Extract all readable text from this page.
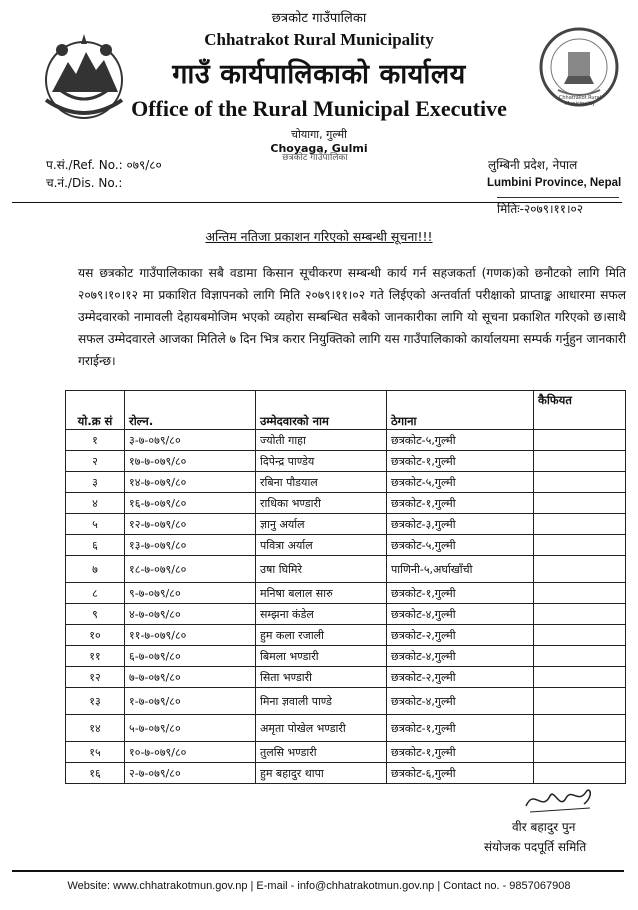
छत्रकोट गाउँपालिका
Chhatrakot Rural Municipality
गाउँ कार्यपालिकाको कार्यालय
Office of the Rural Municipal Executive
चोयागा, गुल्मी
Choyaga, Gulmi
छत्रकोट गाउँपालिका
Chhatrakot Rural Municipality
प.सं./Ref. No.: ०७९/८०
च.नं./Dis. No.:
लुम्बिनी प्रदेश, नेपाल
Lumbini Province, Nepal
मितिः-२०७९।११।०२
अन्तिम नतिजा प्रकाशन गरिएको सम्बन्धी सूचना!!!
यस छत्रकोट गाउँपालिकाका सबै वडामा किसान सूचीकरण सम्बन्धी कार्य गर्न सहजकर्ता (गणक)को छनौटको लागि मिति २०७९।१०।१२ मा प्रकाशित विज्ञापनको लागि मिति २०७९।११।०२ गते लिईएको अन्तर्वार्ता परीक्षाको प्राप्ताङ्क आधारमा सफल उम्मेदवारको नामावली देहायबमोजिम भएको व्यहोरा सम्बन्धित सबैको जानकारीका लागि यो सूचना प्रकाशित गरिएको छ।साथै सफल उम्मेदवारले आजका मितिले ७ दिन भित्र करार नियुक्तिको लागि यस गाउँपालिकाको कार्यालयमा सम्पर्क गर्नुहुन जानकारी गराईन्छ।
यो.क्र सं	रोल्न.	उम्मेदवारको नाम	ठेगाना	कैफियत
१	३-७-०७९/८०	ज्योती गाहा	छत्रकोट-५,गुल्मी	
२	१७-७-०७९/८०	दिपेन्द्र पाण्डेय	छत्रकोट-१,गुल्मी	
३	१४-७-०७९/८०	रबिना पौडयाल	छत्रकोट-५,गुल्मी	
४	१६-७-०७९/८०	राधिका भण्डारी	छत्रकोट-१,गुल्मी	
५	१२-७-०७९/८०	ज्ञानु अर्याल	छत्रकोट-३,गुल्मी	
६	१३-७-०७९/८०	पवित्रा अर्याल	छत्रकोट-५,गुल्मी	
७	१८-७-०७९/८०	उषा घिमिरे	पाणिनी-५,अर्घाखाँची	
८	९-७-०७९/८०	मनिषा बलाल सारु	छत्रकोट-१,गुल्मी	
९	४-७-०७९/८०	सम्झना कंडेल	छत्रकोट-४,गुल्मी	
१०	११-७-०७९/८०	हुम कला रजाली	छत्रकोट-२,गुल्मी	
११	६-७-०७९/८०	बिमला भण्डारी	छत्रकोट-४,गुल्मी	
१२	७-७-०७९/८०	सिता भण्डारी	छत्रकोट-२,गुल्मी	
१३	१-७-०७९/८०	मिना ज्ञवाली पाण्डे	छत्रकोट-४,गुल्मी	
१४	५-७-०७९/८०	अमृता पोखेल भण्डारी	छत्रकोट-१,गुल्मी	
१५	१०-७-०७९/८०	तुलसि भण्डारी	छत्रकोट-१,गुल्मी	
१६	२-७-०७९/८०	हुम बहादुर थापा	छत्रकोट-६,गुल्मी	
वीर बहादुर पुन
संयोजक पदपूर्ति समिति
Website: www.chhatrakotmun.gov.np | E-mail - info@chhatrakotmun.gov.np | Contact no. - 9857067908
